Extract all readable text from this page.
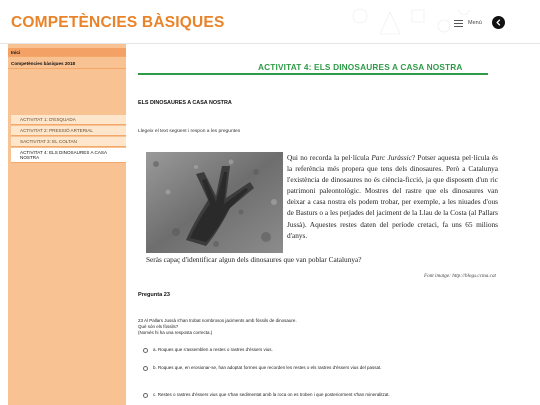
COMPETÈNCIES BÀSIQUES	Menú
Inici
Competències bàsiques 2018
ACTIVITAT 1: D'ESQUADA
ACTIVITAT 2: PRESSIÓ ARTERIAL
SACTIVITAT 3: EL COLTAN
ACTIVITAT 4: ELS DINOSAURES A CASA NOSTRA
ACTIVITAT 4: ELS DINOSAURES A CASA NOSTRA
ELS DINOSAURES A CASA NOSTRA
Llegeix el text següent i respon a les preguntes
Qui no recorda la pel·lícula Parc Juràssic? Potser aquesta pel·lícula és la referència més propera que tens dels dinosaures. Però a Catalunya l'existència de dinosaures no és ciència-ficció, ja que disposem d'un ric patrimoni paleontològic. Mostres del rastre que els dinosaures van deixar a casa nostra els podem trobar, per exemple, a les niuades d'ous de Basturs o a les petjades del jaciment de la Llau de la Costa (al Pallars Jussà). Aquestes restes daten del període cretaci, fa uns 65 milions d'anys.
Seràs capaç d'identificar algun dels dinosaures que van poblar Catalunya?
Font imatge: http://blogs.ccma.cat
Pregunta 23
23 Al Pallars Jussà s'han trobat nombrosos jaciments amb fòssils de dinosaure.
Què són els fòssils?
(Només hi ha una resposta correcta.)
a. Roques que s'assemblen a restes o rastres d'éssers vius.
b. Roques que, en erosionar-se, han adoptat formes que recorden les restes o els rastres d'éssers vius del passat.
c. Restes o rastres d'éssers vius que s'han sedimentat amb la roca on es troben i que posteriorment s'han mineralitzat.
